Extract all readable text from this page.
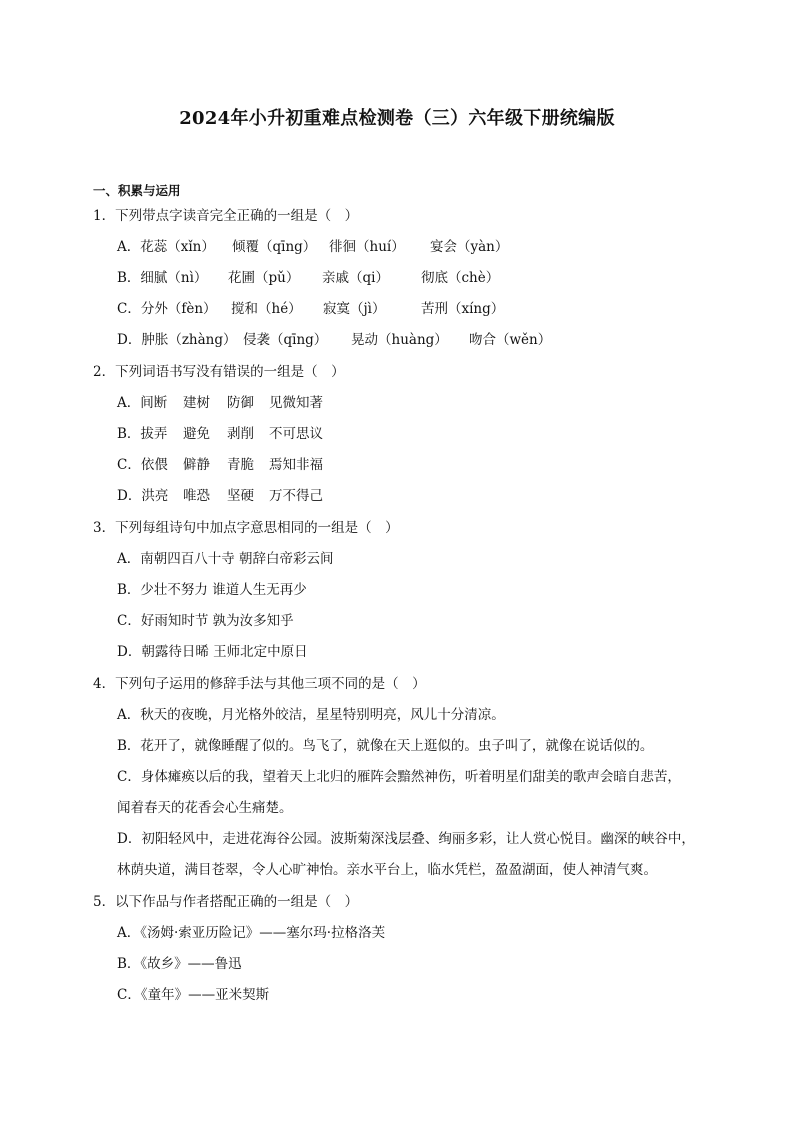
2024年小升初重难点检测卷（三）六年级下册统编版
一、积累与运用
1．下列带点字读音完全正确的一组是（　）
A．花蕊（xǐn） 倾覆（qīng） 徘徊（huí） 宴会（yàn）
B．细腻（nì） 花圃（pǔ） 亲戚（qi） 彻底（chè）
C．分外（fèn） 搅和（hé） 寂寞（jì）	苦刑（xíng）
D．肿胀（zhàng） 侵袭（qīng） 晃动（huàng） 吻合（wěn）
2．下列词语书写没有错误的一组是（　）
A．间断 建树 防御 见微知著
B．拔弄 避免 剥削 不可思议
C．依偎 僻静 青脆 焉知非福
D．洪亮 唯恐 坚硬 万不得己
3．下列每组诗句中加点字意思相同的一组是（　）
A．南朝四百八十寺 朝辞白帝彩云间
B．少壮不努力 谁道人生无再少
C．好雨知时节 孰为汝多知乎
D．朝露待日晞 王师北定中原日
4．下列句子运用的修辞手法与其他三项不同的是（　）
A．秋天的夜晚，月光格外皎洁，星星特别明亮，风儿十分清凉。
B．花开了，就像睡醒了似的。鸟飞了，就像在天上逛似的。虫子叫了，就像在说话似的。
C．身体瘫痪以后的我，望着天上北归的雁阵会黯然神伤，听着明星们甜美的歌声会暗自悲苦，
闻着春天的花香会心生痛楚。
D．初阳轻风中，走进花海谷公园。波斯菊深浅层叠、绚丽多彩，让人赏心悦目。幽深的峡谷中，
林荫央道，满目苍翠，令人心旷神怡。亲水平台上，临水凭栏，盈盈湖面，使人神清气爽。
5．以下作品与作者搭配正确的一组是（　）
A．《汤姆·索亚历险记》——塞尔玛·拉格洛芙
B．《故乡》——鲁迅
C．《童年》——亚米契斯
